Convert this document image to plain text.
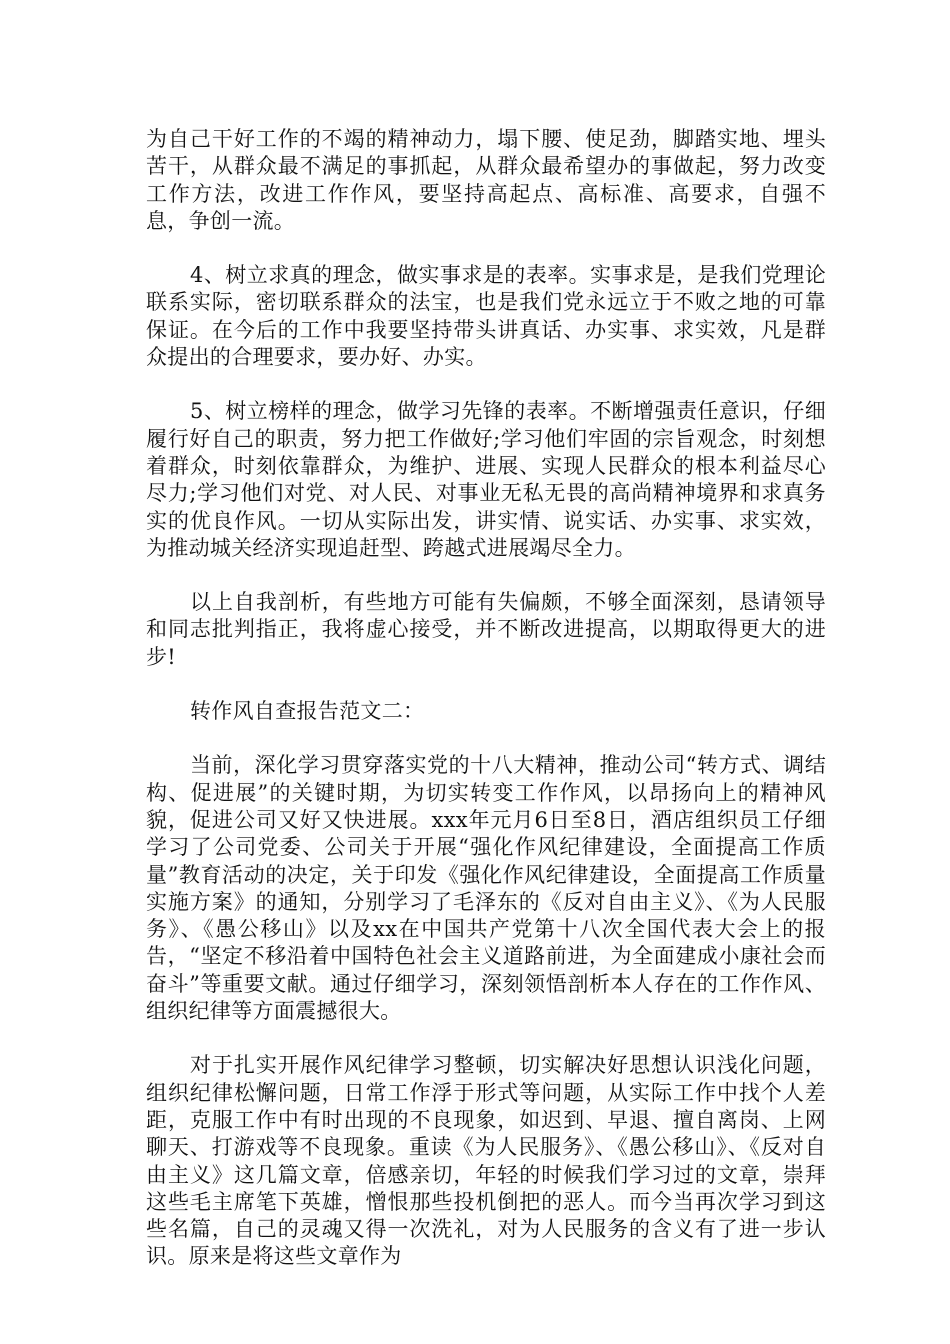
为自己干好工作的不竭的精神动力，塌下腰、使足劲，脚踏实地、埋头苦干，从群众最不满足的事抓起，从群众最希望办的事做起，努力改变工作方法，改进工作作风，要坚持高起点、高标准、高要求，自强不息，争创一流。

4、树立求真的理念，做实事求是的表率。实事求是，是我们党理论联系实际，密切联系群众的法宝，也是我们党永远立于不败之地的可靠保证。在今后的工作中我要坚持带头讲真话、办实事、求实效，凡是群众提出的合理要求，要办好、办实。

5、树立榜样的理念，做学习先锋的表率。不断增强责任意识，仔细履行好自己的职责，努力把工作做好;学习他们牢固的宗旨观念，时刻想着群众，时刻依靠群众，为维护、进展、实现人民群众的根本利益尽心尽力;学习他们对党、对人民、对事业无私无畏的高尚精神境界和求真务实的优良作风。一切从实际出发，讲实情、说实话、办实事、求实效，为推动城关经济实现追赶型、跨越式进展竭尽全力。

以上自我剖析，有些地方可能有失偏颇，不够全面深刻，恳请领导和同志批判指正，我将虚心接受，并不断改进提高，以期取得更大的进步!

转作风自查报告范文二：

当前，深化学习贯穿落实党的十八大精神，推动公司“转方式、调结构、促进展”的关键时期，为切实转变工作作风，以昂扬向上的精神风貌，促进公司又好又快进展。xxx年元月6日至8日，酒店组织员工仔细学习了公司党委、公司关于开展“强化作风纪律建设，全面提高工作质量”教育活动的决定，关于印发《强化作风纪律建设，全面提高工作质量实施方案》的通知，分别学习了毛泽东的《反对自由主义》、《为人民服务》、《愚公移山》以及xx在中国共产党第十八次全国代表大会上的报告，“坚定不移沿着中国特色社会主义道路前进，为全面建成小康社会而奋斗”等重要文献。通过仔细学习，深刻领悟剖析本人存在的工作作风、组织纪律等方面震撼很大。

对于扎实开展作风纪律学习整顿，切实解决好思想认识浅化问题，组织纪律松懈问题，日常工作浮于形式等问题，从实际工作中找个人差距，克服工作中有时出现的不良现象，如迟到、早退、擅自离岗、上网聊天、打游戏等不良现象。重读《为人民服务》、《愚公移山》、《反对自由主义》这几篇文章，倍感亲切，年轻的时候我们学习过的文章，崇拜这些毛主席笔下英雄，憎恨那些投机倒把的恶人。而今当再次学习到这些名篇，自己的灵魂又得一次洗礼，对为人民服务的含义有了进一步认识。原来是将这些文章作为
